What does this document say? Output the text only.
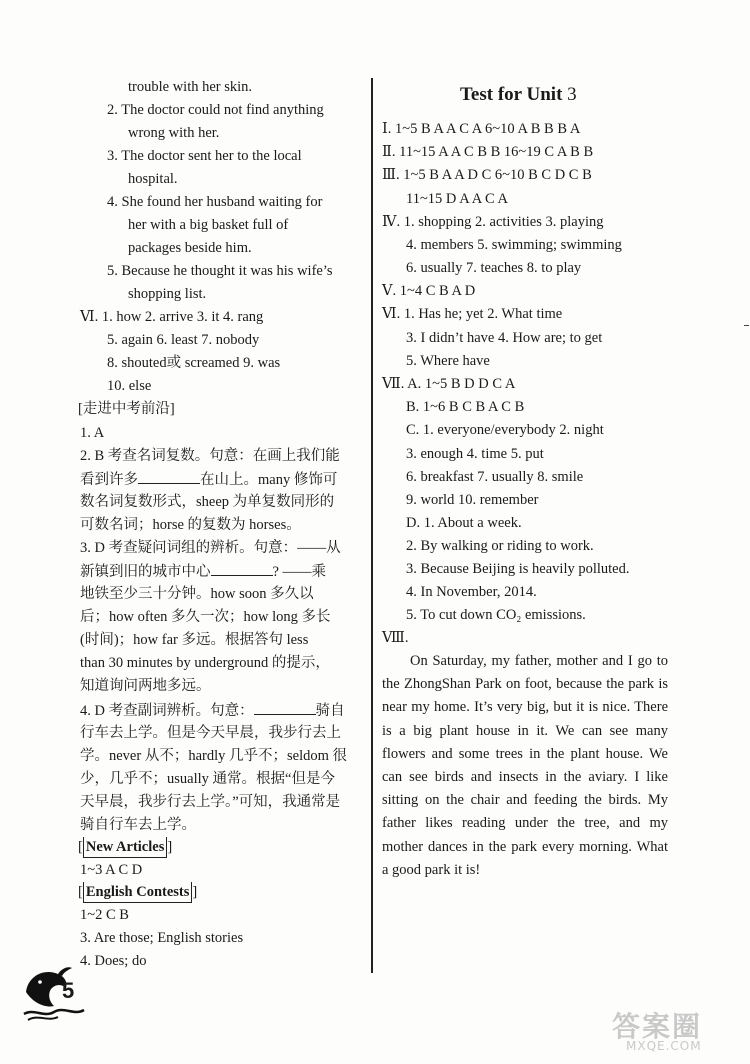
trouble with her skin.
2. The doctor could not find anything
wrong with her.
3. The doctor sent her to the local
hospital.
4. She found her husband waiting for
her with a big basket full of
packages beside him.
5. Because he thought it was his wife’s
shopping list.
Ⅵ. 1. how 2. arrive 3. it 4. rang
5. again 6. least 7. nobody
8. shouted或 screamed 9. was
10. else
[走进中考前沿]
1. A
2. B 考查名词复数。句意：在画上我们能
看到许多	在山上。many 修饰可
数名词复数形式，sheep 为单复数同形的
可数名词；horse 的复数为 horses。
3. D 考查疑问词组的辨析。句意：——从
新镇到旧的城市中心	? ——乘
地铁至少三十分钟。how soon 多久以
后；how often 多久一次；how long 多长
(时间)；how far 多远。根据答句 less
than 30 minutes by underground 的提示，
知道询问两地多远。
4. D 考查副词辨析。句意：	骑自
行车去上学。但是今天早晨，我步行去上
学。never 从不；hardly 几乎不；seldom 很
少，几乎不；usually 通常。根据“但是今
天早晨，我步行去上学。”可知，我通常是
骑自行车去上学。
[ New Articles ]
1~3 A C D
[ English Contests ]
1~2 C B
3. Are those; English stories
4. Does; do
Test for Unit 3
Ⅰ. 1~5 B A A C A 6~10 A B B B A
Ⅱ. 11~15 A A C B B 16~19 C A B B
Ⅲ. 1~5 B A A D C 6~10 B C D C B
11~15 D A A C A
Ⅳ. 1. shopping 2. activities 3. playing
4. members 5. swimming; swimming
6. usually 7. teaches 8. to play
Ⅴ. 1~4 C B A D
Ⅵ. 1. Has he; yet 2. What time
3. I didn’t have 4. How are; to get
5. Where have
Ⅶ. A. 1~5 B D D C A
B. 1~6 B C B A C B
C. 1. everyone/everybody 2. night
3. enough 4. time 5. put
6. breakfast 7. usually 8. smile
9. world 10. remember
D. 1. About a week.
2. By walking or riding to work.
3. Because Beijing is heavily polluted.
4. In November, 2014.
5. To cut down CO₂ emissions.
Ⅷ.
On Saturday, my father, mother and I go to the ZhongShan Park on foot, because the park is near my home. It’s very big, but it is nice. There is a big plant house in it. We can see many flowers and some trees in the plant house. We can see birds and insects in the aviary. I like sitting on the chair and feeding the birds. My father likes reading under the tree, and my mother dances in the park every morning. What a good park it is!
5
答案圈
MXQE.COM
